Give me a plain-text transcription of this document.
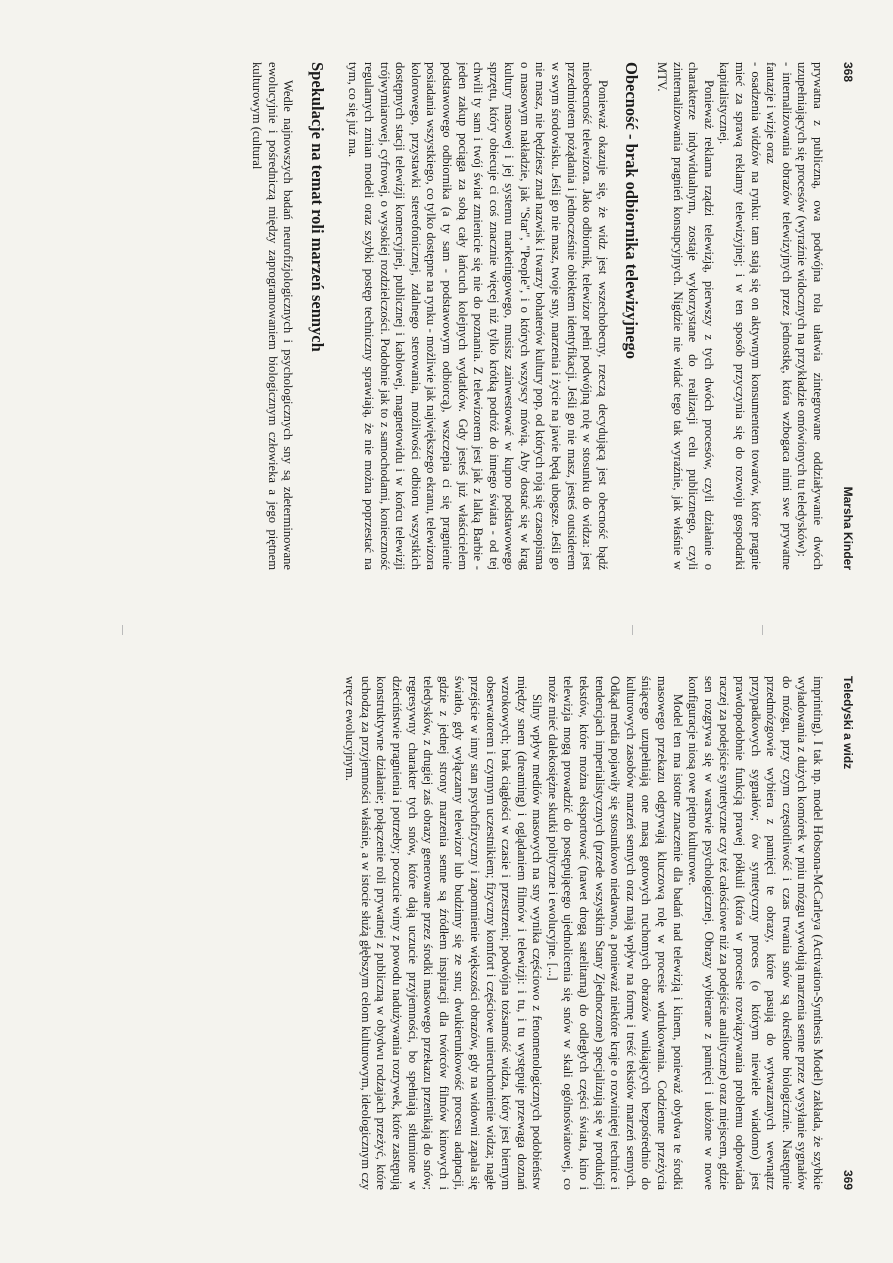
368
Marsha Kinder

prywatna z publiczną, owa podwójna rola ułatwia zintegrowane oddziaływanie dwóch uzupełniających się procesów (wyraźnie widocznych na przykładzie omówionych tu teledysków):

- internalizowania obrazów telewizyjnych przez jednostkę, która wzbogaca nimi swe prywatne fantazje i wizje oraz

- osadzenia widzów na rynku: tam stają się on aktywnym konsumentem towarów, które pragnie mieć za sprawą reklamy telewizyjnej; i w ten sposób przyczynia się do rozwoju gospodarki kapitalistycznej.

Ponieważ reklama rządzi telewizją, pierwszy z tych dwóch procesów, czyli działanie o charakterze indywidualnym, zostaje wykorzystane do realizacji celu publicznego, czyli zinternalizowania pragnień konsupcyjnych. Nigdzie nie widać tego tak wyraźnie, jak właśnie w MTV.

Obecność - brak odbiornika telewizyjnego

Ponieważ okazuje się, że widz jest wszechobecny, rzeczą decydującą jest obecność bądź nieobecność telewizora. Jako odbiornik, telewizor pełni podwójną rolę w stosunku do widza: jest przedmiotem pożądania i jednocześnie obiektem identyfikacji. Jeśli go nie masz, jesteś outsiderem w swym środowisku. Jeśli go nie masz, twoje sny, marzenia i życie na jawie będą ubogsze. Jeśli go nie masz, nie będziesz znał nazwisk i twarzy bohaterów kultury pop, od których roją się czasopisma o masowym nakładzie, jak "Star", "People", i o których wszyscy mówią. Aby dostać się w krąg kultury masowej i jej systemu marketingowego, musisz zainwestować w kupno podstawowego sprzętu, który obiecuje ci coś znacznie więcej niż tylko krótką podróż do innego świata - od tej chwili ty sam i twój świat zmienicie się nie do poznania. Z telewizorem jest jak z lalką Barbie - jeden zakup pociąga za sobą cały łańcuch kolejnych wydatków. Gdy jesteś już właścicielem podstawowego odbiornika (a ty sam - podstawowym odbiorcą), wszczepia ci się pragnienie posiadania wszystkiego, co tylko dostępne na rynku - możliwie jak największego ekranu, telewizora kolorowego, przystawki stereofonicznej, zdalnego sterowania, możliwości odbioru wszystkich dostępnych stacji telewizji komercyjnej, publicznej i kablowej, magnetowidu i w końcu telewizji trójwymiarowej, cyfrowej, o wysokiej rozdzielczości. Podobnie jak to z samochodami, konieczność regularnych zmian modeli oraz szybki postęp techniczny sprawiają, że nie można poprzestać na tym, co się już ma.

Spekulacje na temat roli marzeń sennych

Wedle najnowszych badań neurofizjologicznych i psychologicznych sny są zdeterminowane ewolucyjnie i pośredniczą między zaprogramowaniem biologicznym człowieka a jego piętnem kulturowym (cultural

Teledyski a widz
369

imprinting). I tak np. model Hobsona-McCarleya (Activation-Synthesis Model) zakłada, że szybkie wyładowania z dużych komórek w pniu mózgu wywołują marzenia senne przez wysyłanie sygnałów do mózgu, przy czym częstotliwość i czas trwania snów są określone biologicznie. Następnie przedmózgowie wybiera z pamięci te obrazy, które pasują do wytwarzanych wewnątrz przypadkowych sygnałów; ów syntetyczny proces (o którym niewiele wiadomo) jest prawdopodobnie funkcją prawej półkuli (która w procesie rozwiązywania problemu odpowiada raczej za podejście syntetyczne czy też całościowe niż za podejście analityczne) oraz miejscem, gdzie sen rozgrywa się w warstwie psychologicznej. Obrazy wybierane z pamięci i ułożone w nowe konfiguracje niosą owe piętno kulturowe.

Model ten ma istotne znaczenie dla badań nad telewizją i kinem, ponieważ obydwa te środki masowego przekazu odgrywają kluczową rolę w procesie wdrukowania. Codzienne przeżycia śniącego uzupełniają one masą gotowych ruchomych obrazów wnikających bezpośrednio do kulturowych zasobów marzeń sennych oraz mają wpływ na formę i treść tekstów marzeń sennych. Odkąd media pojawiły się stosunkowo niedawno, a ponieważ niektóre kraje o rozwiniętej technice i tendencjach imperialistycznych (przede wszystkim Stany Zjednoczone) specjalizują się w produkcji tekstów, które można eksportować (nawet drogą satelitarną) do odległych części świata, kino i telewizja mogą prowadzić do postępującego ujednolicenia się snów w skali ogólnoświatowej, co może mieć dalekosiężne skutki polityczne i ewolucyjne. [...]

Silny wpływ mediów masowych na sny wynika częściowo z fenomenologicznych podobieństw między snem (dreaming) i oglądaniem filmów i telewizji: i tu, i tu występuje przewaga doznań wzrokowych; brak ciągłości w czasie i przestrzeni; podwójna tożsamość widza, który jest biernym obserwatorem i czynnym uczestnikiem; fizyczny komfort i częściowe unieruchomienie widza; nagłe przejście w inny stan psychofizyczny i zapomnienie większości obrazów, gdy na widowni zapala się światło, gdy wyłączamy telewizor lub budzimy się ze snu; dwukierunkowość procesu adaptacji, gdzie z jednej strony marzenia senne są źródłem inspiracji dla twórców filmów kinowych i teledysków, z drugiej zaś obrazy generowane przez środki masowego przekazu przenikają do snów; regresywny charakter tych snów, które dają uczucie przyjemności, bo spełniają stłumione w dzieciństwie pragnienia i potrzeby; poczucie winy z powodu nadużywania rozrywek, które zastępują konstruktywne działanie; połączenie roli prywatnej z publiczną w obydwu rodzajach przeżyć, które uchodzą za przyjemności właśnie, a w istocie służą głębszym celom kulturowym, ideologicznym czy wręcz ewolucyjnym.
